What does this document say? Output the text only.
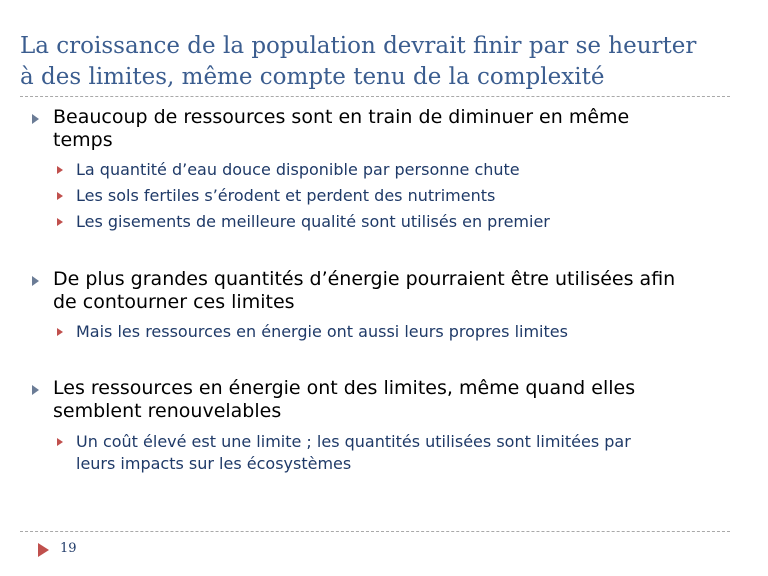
La croissance de la population devrait finir par se heurter
à des limites, même compte tenu de la complexité
Beaucoup de ressources sont en train de diminuer en même
temps
La quantité d’eau douce disponible par personne chute
Les sols fertiles s’érodent et perdent des nutriments
Les gisements de meilleure qualité sont utilisés en premier
De plus grandes quantités d’énergie pourraient être utilisées afin
de contourner ces limites
Mais les ressources en énergie ont aussi leurs propres limites
Les ressources en énergie ont des limites, même quand elles
semblent renouvelables
Un coût élevé est une limite ; les quantités utilisées sont limitées par
leurs impacts sur les écosystèmes
19
